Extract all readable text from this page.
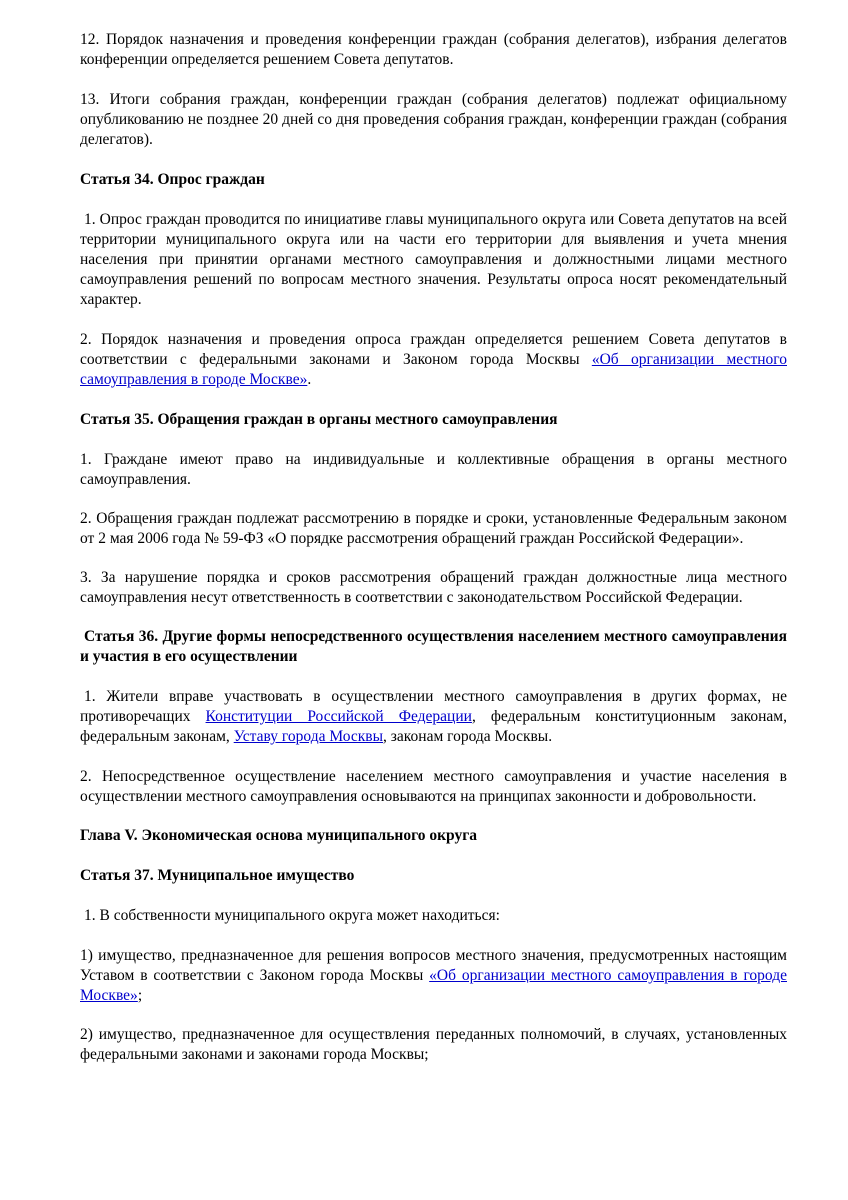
12. Порядок назначения и проведения конференции граждан (собрания делегатов), избрания делегатов конференции определяется решением Совета депутатов.

13. Итоги собрания граждан, конференции граждан (собрания делегатов) подлежат официальному опубликованию не позднее 20 дней со дня проведения собрания граждан, конференции граждан (собрания делегатов).

Статья 34. Опрос граждан

1. Опрос граждан проводится по инициативе главы муниципального округа или Совета депутатов на всей территории муниципального округа или на части его территории для выявления и учета мнения населения при принятии органами местного самоуправления и должностными лицами местного самоуправления решений по вопросам местного значения. Результаты опроса носят рекомендательный характер.

2. Порядок назначения и проведения опроса граждан определяется решением Совета депутатов в соответствии с федеральными законами и Законом города Москвы «Об организации местного самоуправления в городе Москве».

Статья 35. Обращения граждан в органы местного самоуправления

1. Граждане имеют право на индивидуальные и коллективные обращения в органы местного самоуправления.

2. Обращения граждан подлежат рассмотрению в порядке и сроки, установленные Федеральным законом от 2 мая 2006 года № 59-ФЗ «О порядке рассмотрения обращений граждан Российской Федерации».

3. За нарушение порядка и сроков рассмотрения обращений граждан должностные лица местного самоуправления несут ответственность в соответствии с законодательством Российской Федерации.

Статья 36. Другие формы непосредственного осуществления населением местного самоуправления и участия в его осуществлении

1. Жители вправе участвовать в осуществлении местного самоуправления в других формах, не противоречащих Конституции Российской Федерации, федеральным конституционным законам, федеральным законам, Уставу города Москвы, законам города Москвы.

2. Непосредственное осуществление населением местного самоуправления и участие населения в осуществлении местного самоуправления основываются на принципах законности и добровольности.

Глава V. Экономическая основа муниципального округа

Статья 37. Муниципальное имущество

1. В собственности муниципального округа может находиться:

1) имущество, предназначенное для решения вопросов местного значения, предусмотренных настоящим Уставом в соответствии с Законом города Москвы «Об организации местного самоуправления в городе Москве»;

2) имущество, предназначенное для осуществления переданных полномочий, в случаях, установленных федеральными законами и законами города Москвы;
